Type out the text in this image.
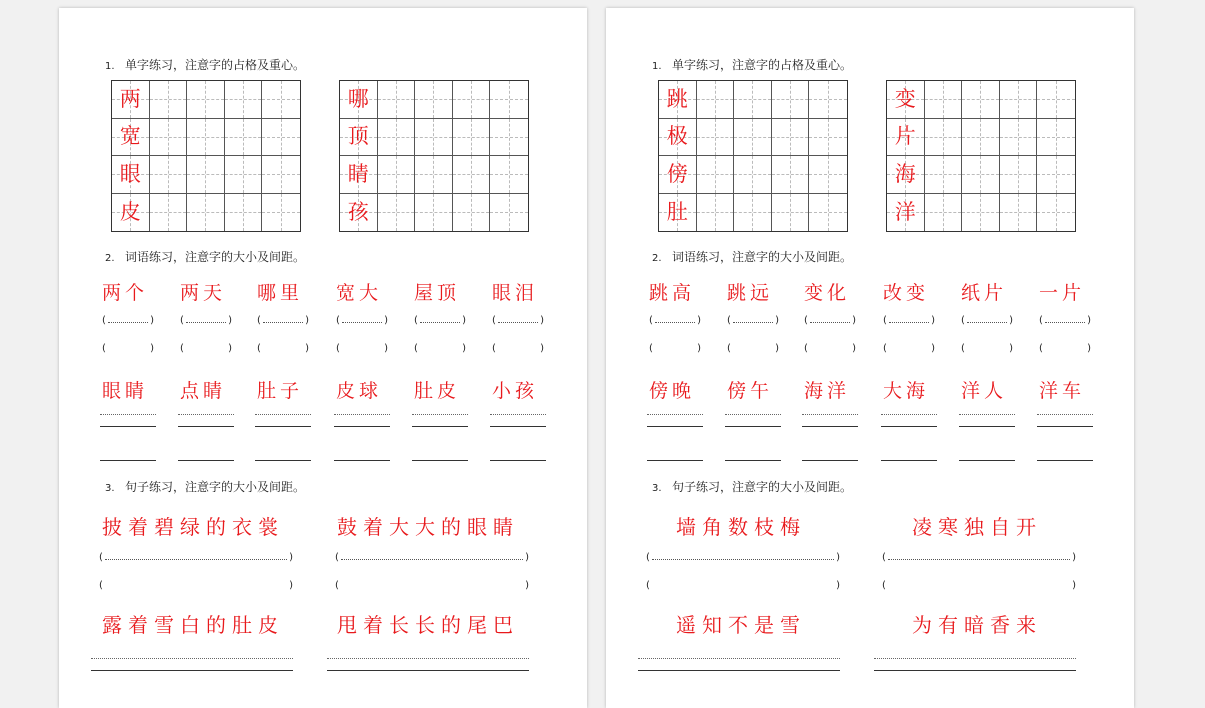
1. 单字练习，注意字的占格及重心。
2. 词语练习，注意字的大小及间距。
3. 句子练习，注意字的大小及间距。
两
宽
眼
皮
哪
顶
睛
孩
两个
(	)
(	)
两天
(	)
(	)
哪里
(	)
(	)
宽大
(	)
(	)
屋顶
(	)
(	)
眼泪
(	)
(	)
眼睛 点睛 肚子 皮球 肚皮 小孩
披着碧绿的衣裳
(	)
(	)
露着雪白的肚皮
鼓着大大的眼睛
(	)
(	)
甩着长长的尾巴
1. 单字练习，注意字的占格及重心。
2. 词语练习，注意字的大小及间距。
3. 句子练习，注意字的大小及间距。
跳
极
傍
肚
变
片
海
洋
跳高
(	)
(	)
跳远
(	)
(	)
变化
(	)
(	)
改变
(	)
(	)
纸片
(	)
(	)
一片
(	)
(	)
傍晚 傍午 海洋 大海 洋人 洋车
墙角数枝梅
(	)
(	)
遥知不是雪
凌寒独自开
(	)
(	)
为有暗香来
